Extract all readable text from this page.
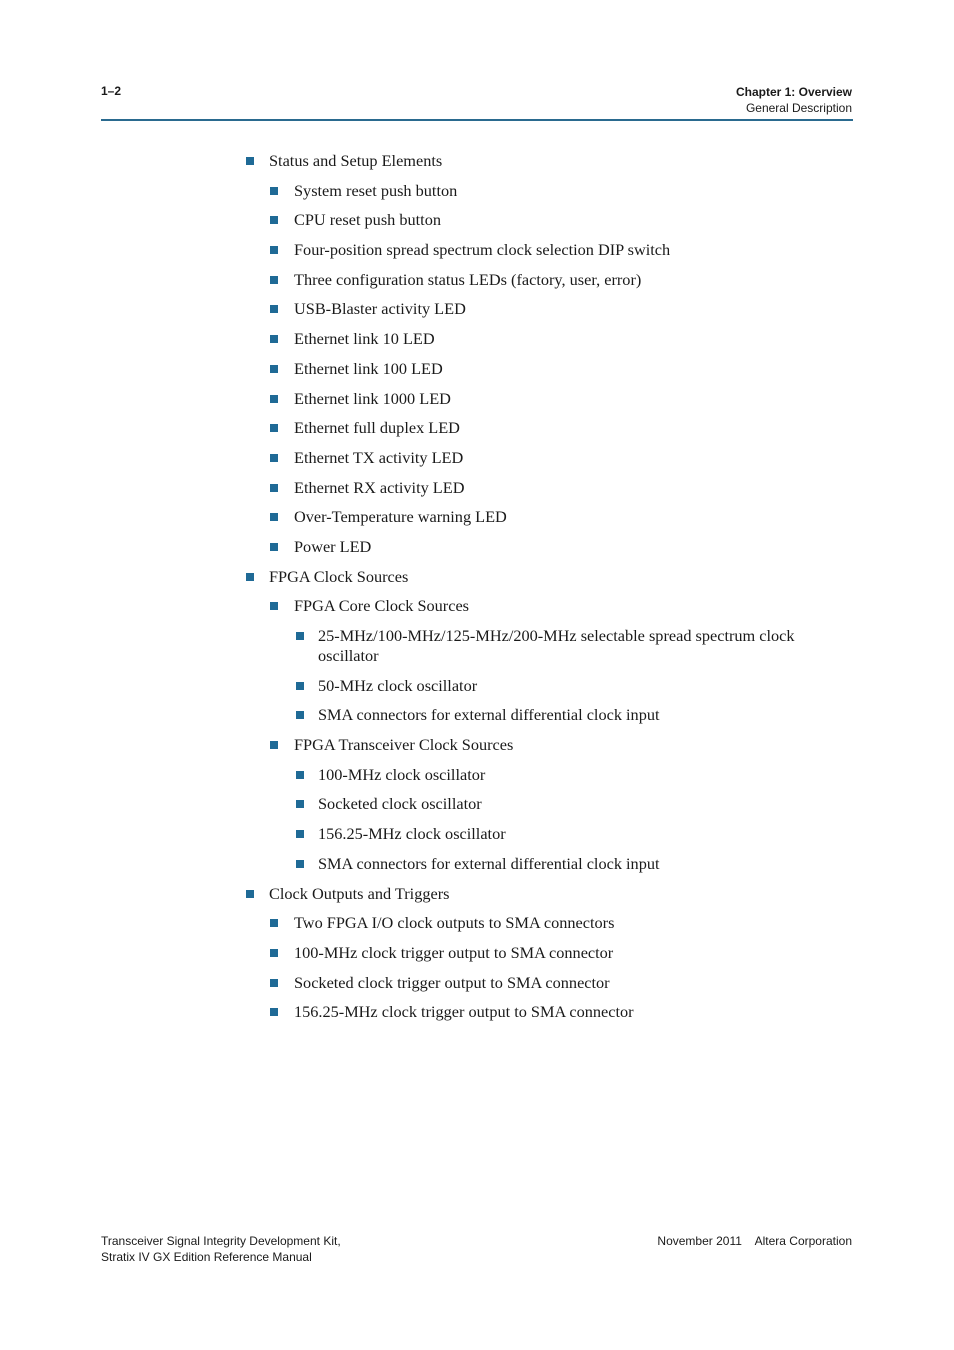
1–2	Chapter 1: Overview
General Description
Status and Setup Elements
System reset push button
CPU reset push button
Four-position spread spectrum clock selection DIP switch
Three configuration status LEDs (factory, user, error)
USB-Blaster activity LED
Ethernet link 10 LED
Ethernet link 100 LED
Ethernet link 1000 LED
Ethernet full duplex LED
Ethernet TX activity LED
Ethernet RX activity LED
Over-Temperature warning LED
Power LED
FPGA Clock Sources
FPGA Core Clock Sources
25-MHz/100-MHz/125-MHz/200-MHz selectable spread spectrum clock oscillator
50-MHz clock oscillator
SMA connectors for external differential clock input
FPGA Transceiver Clock Sources
100-MHz clock oscillator
Socketed clock oscillator
156.25-MHz clock oscillator
SMA connectors for external differential clock input
Clock Outputs and Triggers
Two FPGA I/O clock outputs to SMA connectors
100-MHz clock trigger output to SMA connector
Socketed clock trigger output to SMA connector
156.25-MHz clock trigger output to SMA connector
Transceiver Signal Integrity Development Kit,
Stratix IV GX Edition Reference Manual
November 2011 Altera Corporation
